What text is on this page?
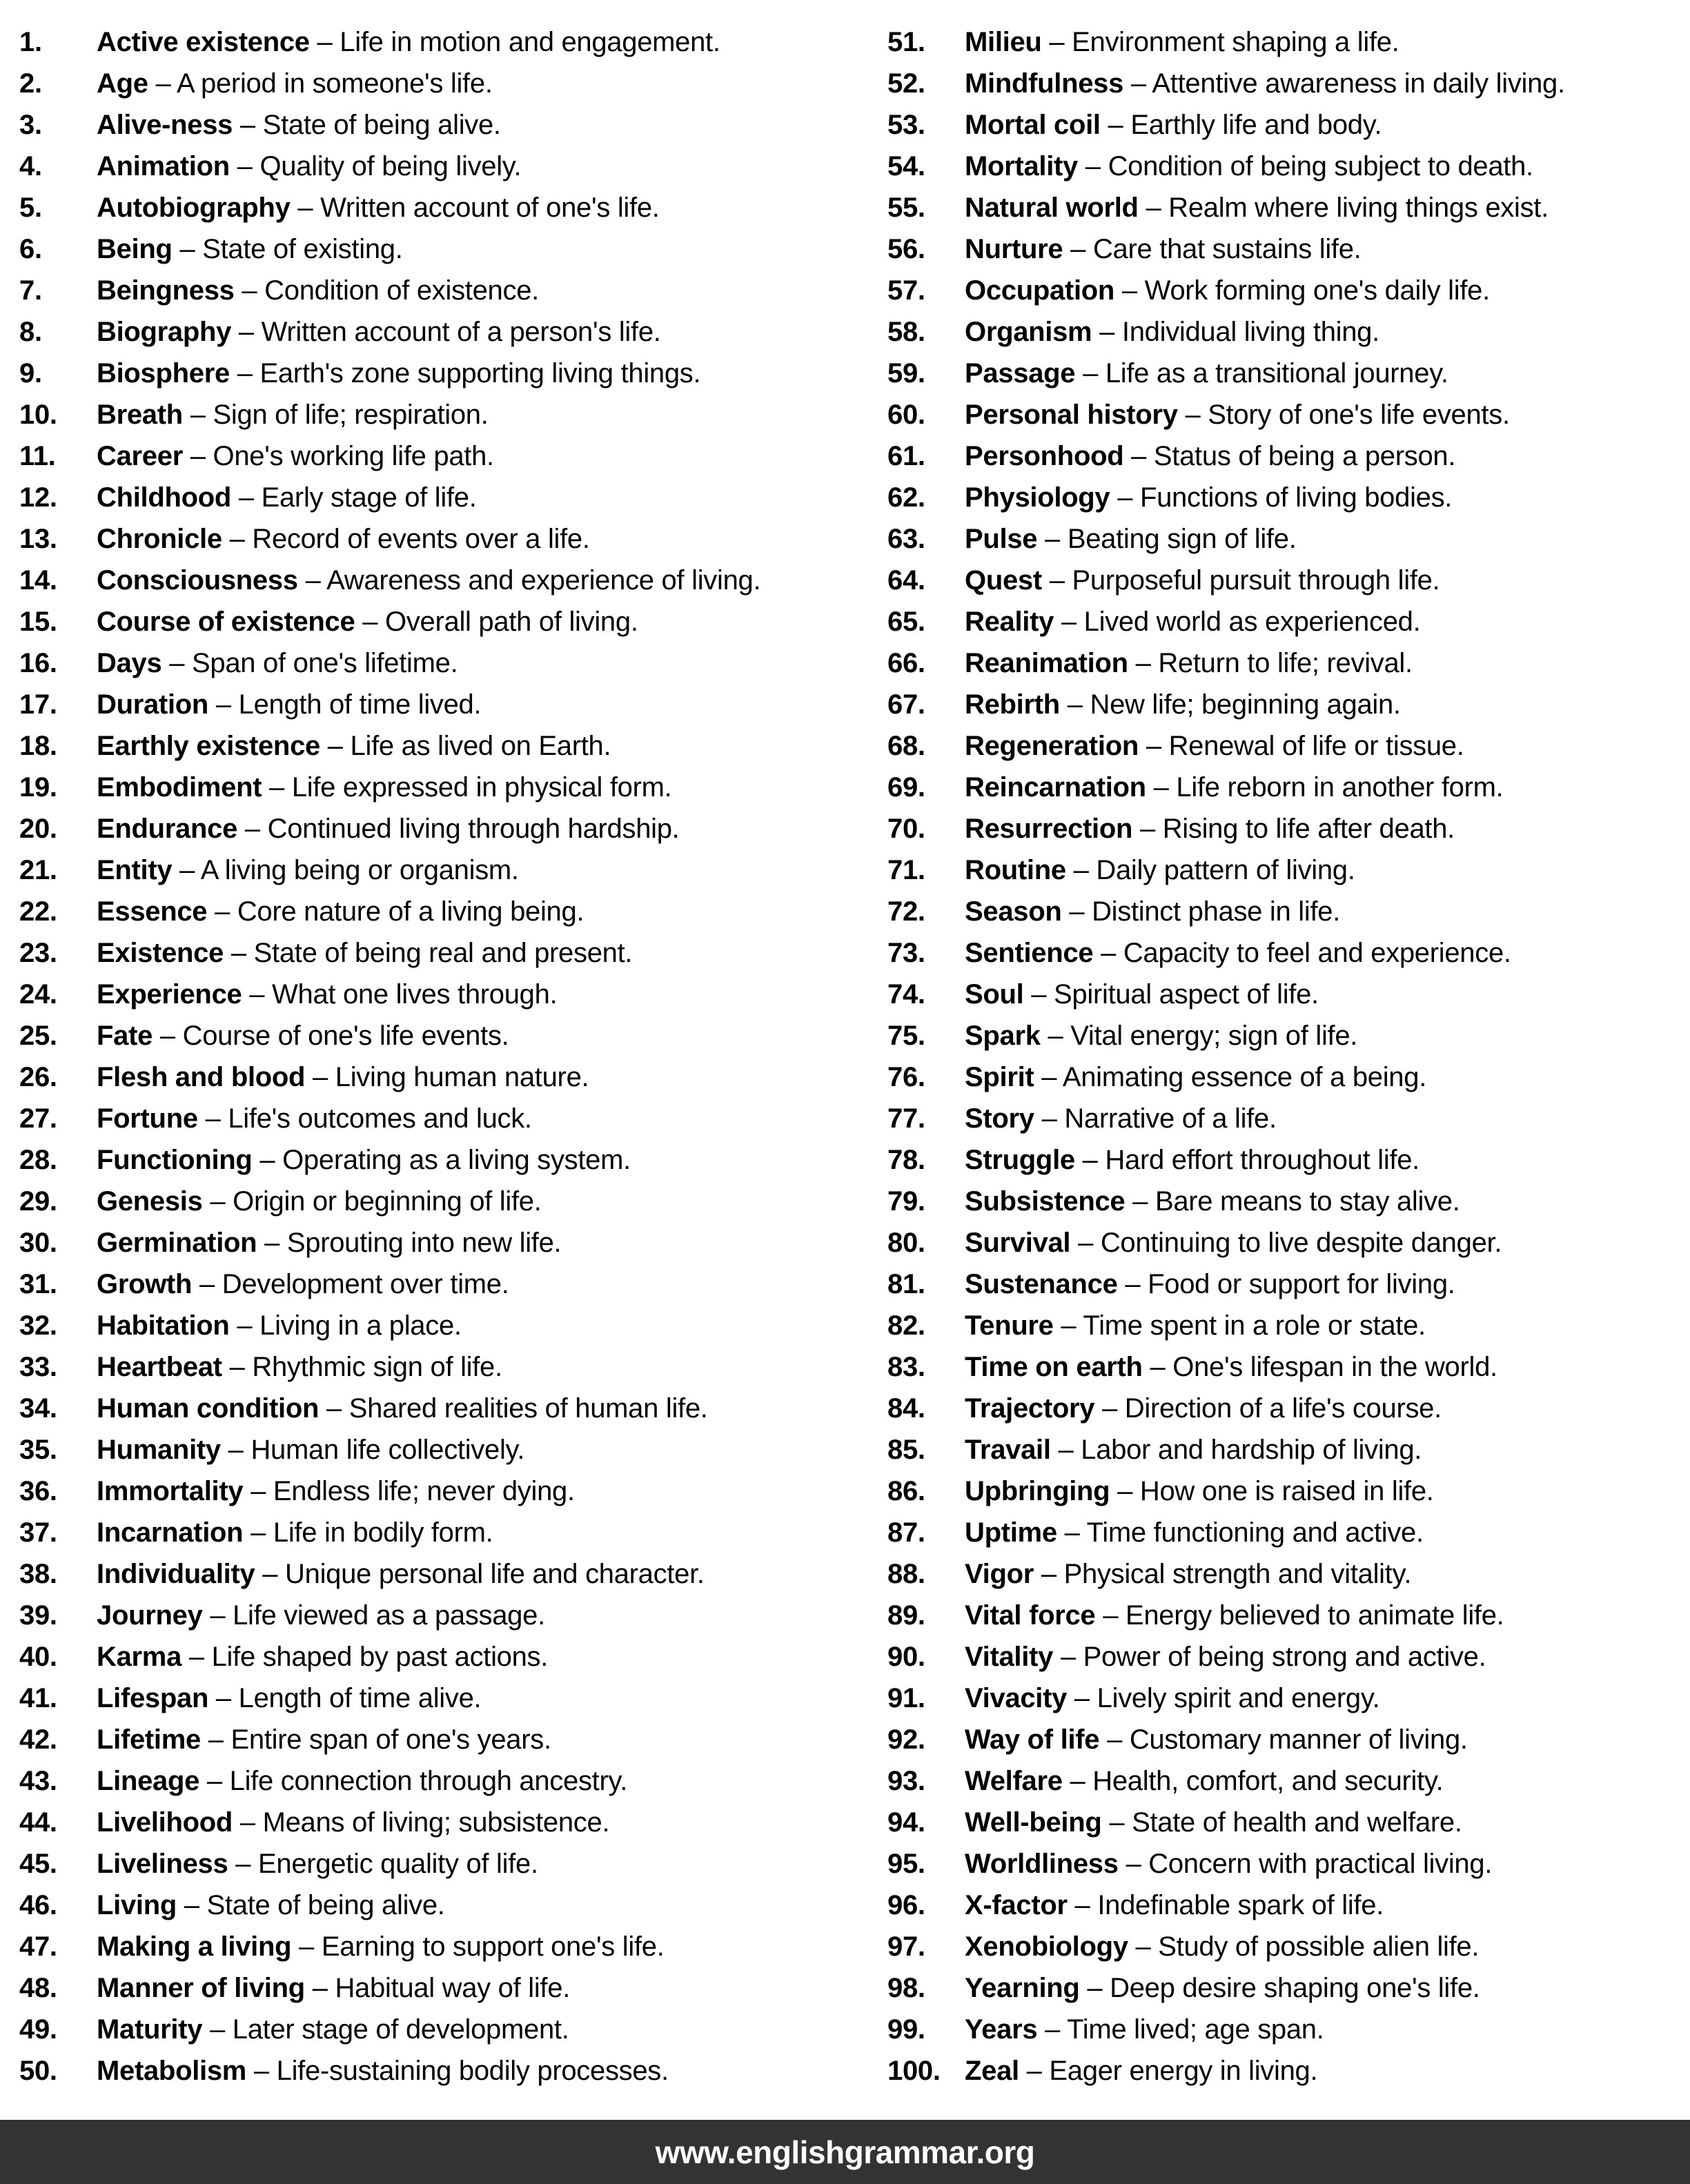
1.	Active existence – Life in motion and engagement.
2.	Age – A period in someone's life.
3.	Alive-ness – State of being alive.
4.	Animation – Quality of being lively.
5.	Autobiography – Written account of one's life.
6.	Being – State of existing.
7.	Beingness – Condition of existence.
8.	Biography – Written account of a person's life.
9.	Biosphere – Earth's zone supporting living things.
10.	Breath – Sign of life; respiration.
11.	Career – One's working life path.
12.	Childhood – Early stage of life.
13.	Chronicle – Record of events over a life.
14.	Consciousness – Awareness and experience of living.
15.	Course of existence – Overall path of living.
16.	Days – Span of one's lifetime.
17.	Duration – Length of time lived.
18.	Earthly existence – Life as lived on Earth.
19.	Embodiment – Life expressed in physical form.
20.	Endurance – Continued living through hardship.
21.	Entity – A living being or organism.
22.	Essence – Core nature of a living being.
23.	Existence – State of being real and present.
24.	Experience – What one lives through.
25.	Fate – Course of one's life events.
26.	Flesh and blood – Living human nature.
27.	Fortune – Life's outcomes and luck.
28.	Functioning – Operating as a living system.
29.	Genesis – Origin or beginning of life.
30.	Germination – Sprouting into new life.
31.	Growth – Development over time.
32.	Habitation – Living in a place.
33.	Heartbeat – Rhythmic sign of life.
34.	Human condition – Shared realities of human life.
35.	Humanity – Human life collectively.
36.	Immortality – Endless life; never dying.
37.	Incarnation – Life in bodily form.
38.	Individuality – Unique personal life and character.
39.	Journey – Life viewed as a passage.
40.	Karma – Life shaped by past actions.
41.	Lifespan – Length of time alive.
42.	Lifetime – Entire span of one's years.
43.	Lineage – Life connection through ancestry.
44.	Livelihood – Means of living; subsistence.
45.	Liveliness – Energetic quality of life.
46.	Living – State of being alive.
47.	Making a living – Earning to support one's life.
48.	Manner of living – Habitual way of life.
49.	Maturity – Later stage of development.
50.	Metabolism – Life-sustaining bodily processes.
51.	Milieu – Environment shaping a life.
52.	Mindfulness – Attentive awareness in daily living.
53.	Mortal coil – Earthly life and body.
54.	Mortality – Condition of being subject to death.
55.	Natural world – Realm where living things exist.
56.	Nurture – Care that sustains life.
57.	Occupation – Work forming one's daily life.
58.	Organism – Individual living thing.
59.	Passage – Life as a transitional journey.
60.	Personal history – Story of one's life events.
61.	Personhood – Status of being a person.
62.	Physiology – Functions of living bodies.
63.	Pulse – Beating sign of life.
64.	Quest – Purposeful pursuit through life.
65.	Reality – Lived world as experienced.
66.	Reanimation – Return to life; revival.
67.	Rebirth – New life; beginning again.
68.	Regeneration – Renewal of life or tissue.
69.	Reincarnation – Life reborn in another form.
70.	Resurrection – Rising to life after death.
71.	Routine – Daily pattern of living.
72.	Season – Distinct phase in life.
73.	Sentience – Capacity to feel and experience.
74.	Soul – Spiritual aspect of life.
75.	Spark – Vital energy; sign of life.
76.	Spirit – Animating essence of a being.
77.	Story – Narrative of a life.
78.	Struggle – Hard effort throughout life.
79.	Subsistence – Bare means to stay alive.
80.	Survival – Continuing to live despite danger.
81.	Sustenance – Food or support for living.
82.	Tenure – Time spent in a role or state.
83.	Time on earth – One's lifespan in the world.
84.	Trajectory – Direction of a life's course.
85.	Travail – Labor and hardship of living.
86.	Upbringing – How one is raised in life.
87.	Uptime – Time functioning and active.
88.	Vigor – Physical strength and vitality.
89.	Vital force – Energy believed to animate life.
90.	Vitality – Power of being strong and active.
91.	Vivacity – Lively spirit and energy.
92.	Way of life – Customary manner of living.
93.	Welfare – Health, comfort, and security.
94.	Well-being – State of health and welfare.
95.	Worldliness – Concern with practical living.
96.	X-factor – Indefinable spark of life.
97.	Xenobiology – Study of possible alien life.
98.	Yearning – Deep desire shaping one's life.
99.	Years – Time lived; age span.
100. Zeal – Eager energy in living.
www.englishgrammar.org
